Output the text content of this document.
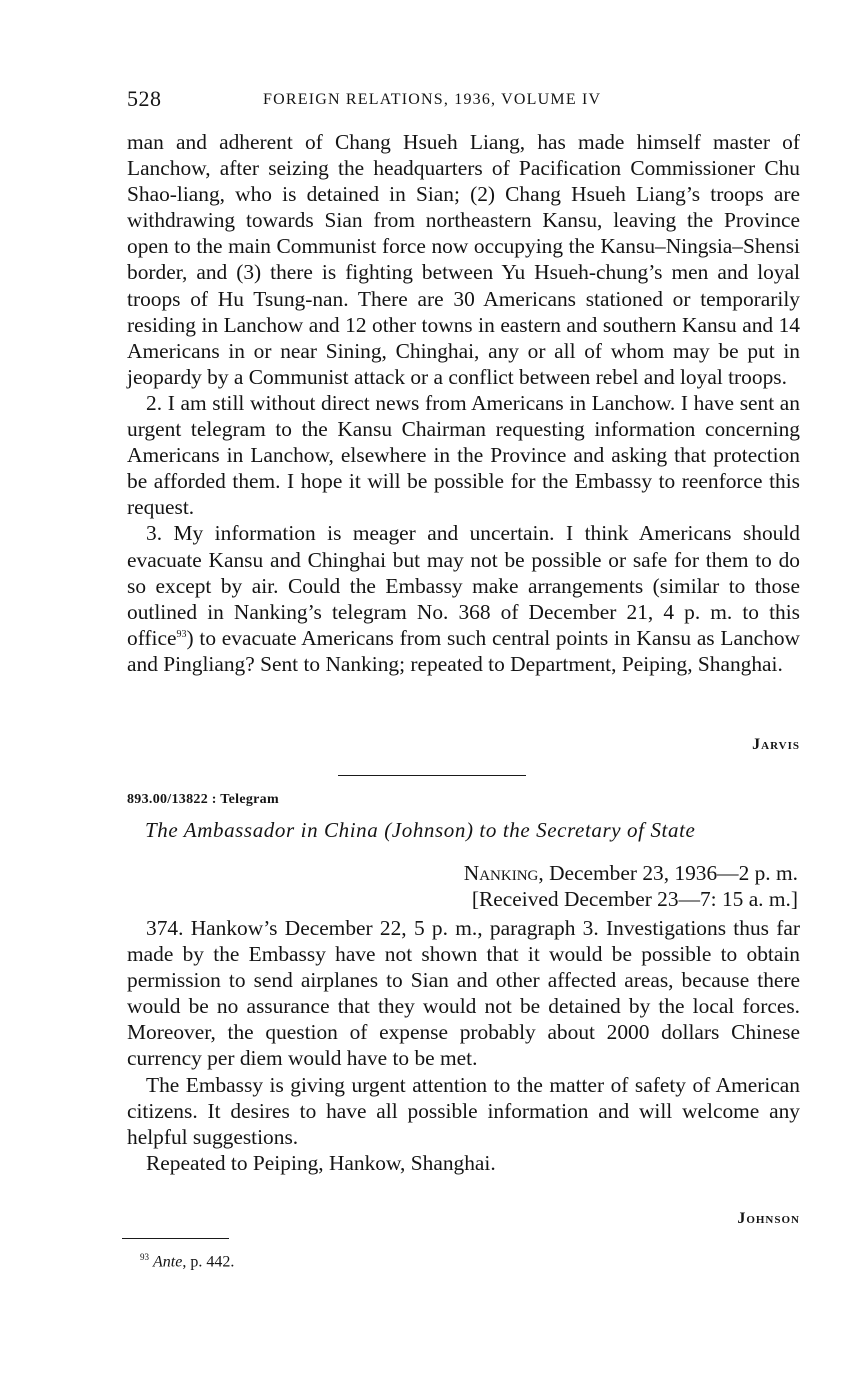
528	FOREIGN RELATIONS, 1936, VOLUME IV

man and adherent of Chang Hsueh Liang, has made himself master of Lanchow, after seizing the headquarters of Pacification Commissioner Chu Shao-liang, who is detained in Sian; (2) Chang Hsueh Liang’s troops are withdrawing towards Sian from northeastern Kansu, leaving the Province open to the main Communist force now occupying the Kansu–Ningsia–Shensi border, and (3) there is fighting between Yu Hsueh-chung’s men and loyal troops of Hu Tsung-nan. There are 30 Americans stationed or temporarily residing in Lanchow and 12 other towns in eastern and southern Kansu and 14 Americans in or near Sining, Chinghai, any or all of whom may be put in jeopardy by a Communist attack or a conflict between rebel and loyal troops.

2. I am still without direct news from Americans in Lanchow. I have sent an urgent telegram to the Kansu Chairman requesting information concerning Americans in Lanchow, elsewhere in the Province and asking that protection be afforded them. I hope it will be possible for the Embassy to reenforce this request.

3. My information is meager and uncertain. I think Americans should evacuate Kansu and Chinghai but may not be possible or safe for them to do so except by air. Could the Embassy make arrangements (similar to those outlined in Nanking’s telegram No. 368 of December 21, 4 p. m. to this office$^{93}$) to evacuate Americans from such central points in Kansu as Lanchow and Pingliang? Sent to Nanking; repeated to Department, Peiping, Shanghai.

Jarvis
893.00/13822 : Telegram
The Ambassador in China (Johnson) to the Secretary of State
Nanking, December 23, 1936—2 p. m.
[Received December 23—7: 15 a. m.]

374. Hankow’s December 22, 5 p. m., paragraph 3. Investigations thus far made by the Embassy have not shown that it would be possible to obtain permission to send airplanes to Sian and other affected areas, because there would be no assurance that they would not be detained by the local forces. Moreover, the question of expense probably about 2000 dollars Chinese currency per diem would have to be met.

The Embassy is giving urgent attention to the matter of safety of American citizens. It desires to have all possible information and will welcome any helpful suggestions.

Repeated to Peiping, Hankow, Shanghai.

Johnson
$^{93}$ Ante, p. 442.
